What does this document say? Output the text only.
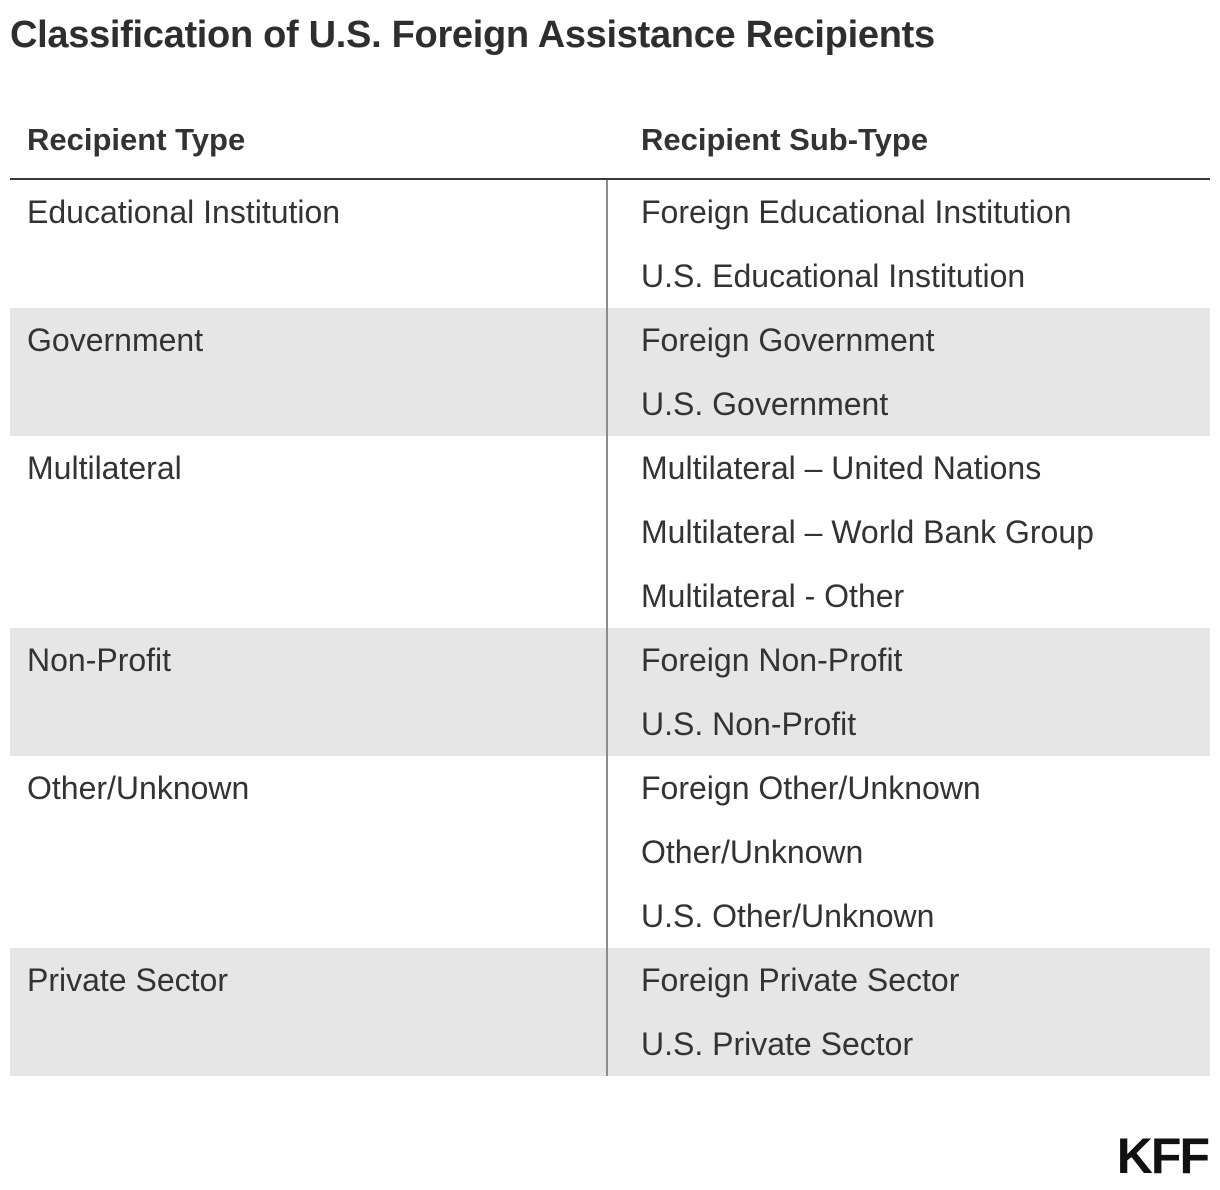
Classification of U.S. Foreign Assistance Recipients
Recipient Type	Recipient Sub-Type
Educational Institution	Foreign Educational Institution
U.S. Educational Institution
Government	Foreign Government
U.S. Government
Multilateral	Multilateral – United Nations
Multilateral – World Bank Group
Multilateral - Other
Non-Profit	Foreign Non-Profit
U.S. Non-Profit
Other/Unknown	Foreign Other/Unknown
Other/Unknown
U.S. Other/Unknown
Private Sector	Foreign Private Sector
U.S. Private Sector
KFF
